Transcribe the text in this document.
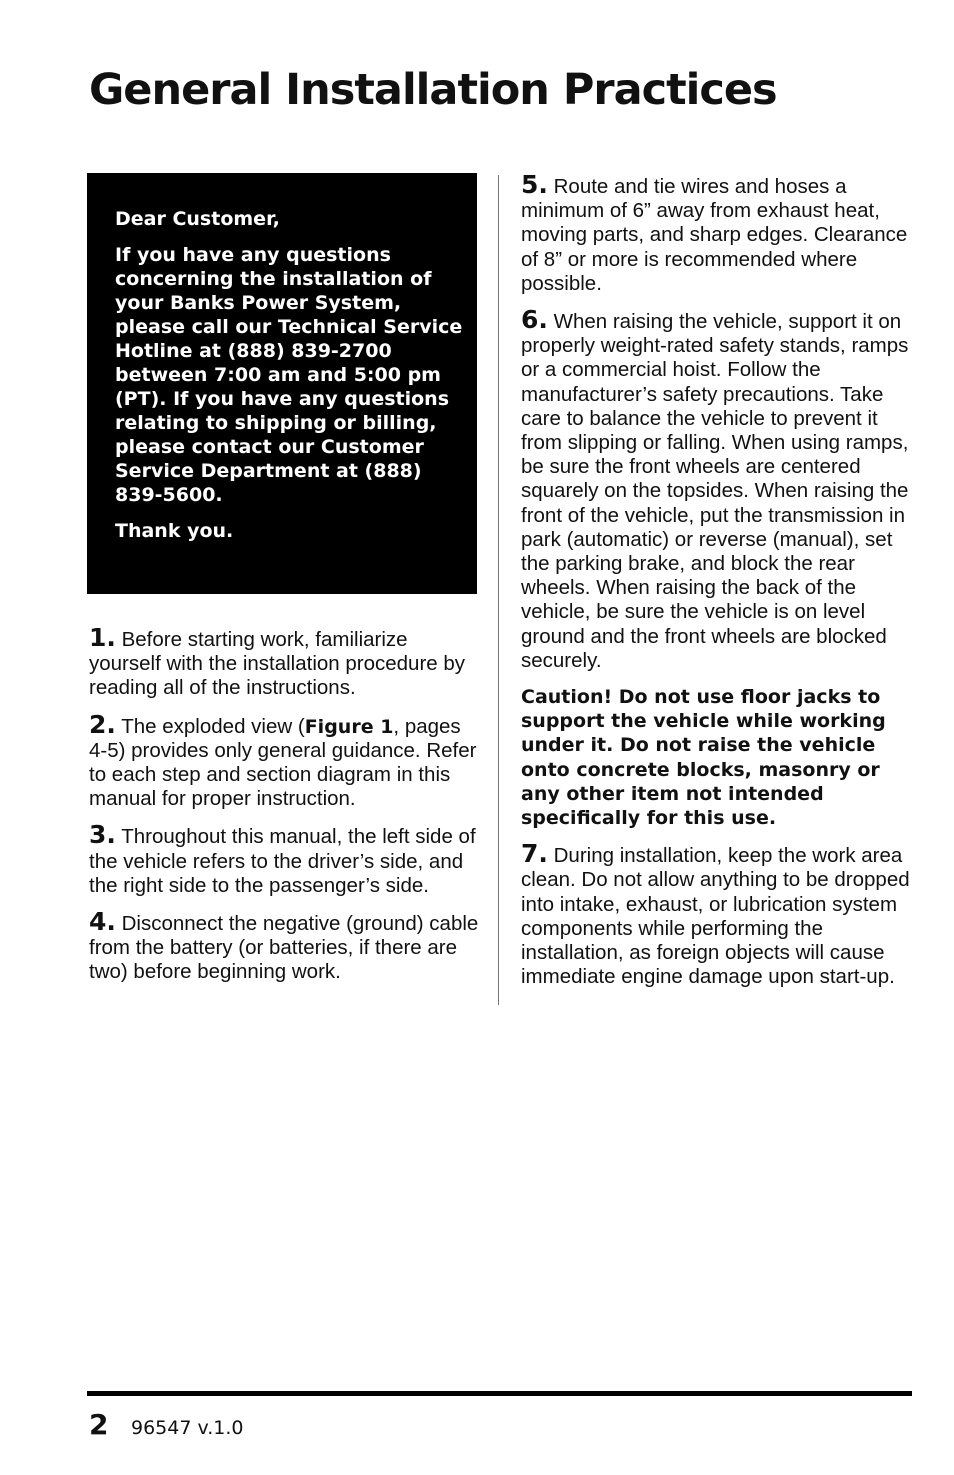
General Installation Practices

Dear Customer,

If you have any questions concerning the installation of your Banks Power System, please call our Technical Service Hotline at (888) 839-2700 between 7:00 am and 5:00 pm (PT). If you have any questions relating to shipping or billing, please contact our Customer Service Department at (888) 839-5600.

Thank you.

1. Before starting work, familiarize yourself with the installation procedure by reading all of the instructions.

2. The exploded view (Figure 1, pages 4-5) provides only general guidance. Refer to each step and section diagram in this manual for proper instruction.

3. Throughout this manual, the left side of the vehicle refers to the driver’s side, and the right side to the passenger’s side.

4. Disconnect the negative (ground) cable from the battery (or batteries, if there are two) before beginning work.

5. Route and tie wires and hoses a minimum of 6” away from exhaust heat, moving parts, and sharp edges. Clearance of 8” or more is recommended where possible.

6. When raising the vehicle, support it on properly weight-rated safety stands, ramps or a commercial hoist. Follow the manufacturer’s safety precautions. Take care to balance the vehicle to prevent it from slipping or falling. When using ramps, be sure the front wheels are centered squarely on the topsides. When raising the front of the vehicle, put the transmission in park (automatic) or reverse (manual), set the parking brake, and block the rear wheels. When raising the back of the vehicle, be sure the vehicle is on level ground and the front wheels are blocked securely.

Caution! Do not use floor jacks to support the vehicle while working under it. Do not raise the vehicle onto concrete blocks, masonry or any other item not intended specifically for this use.

7. During installation, keep the work area clean. Do not allow anything to be dropped into intake, exhaust, or lubrication system components while performing the installation, as foreign objects will cause immediate engine damage upon start-up.

2 96547 v.1.0
